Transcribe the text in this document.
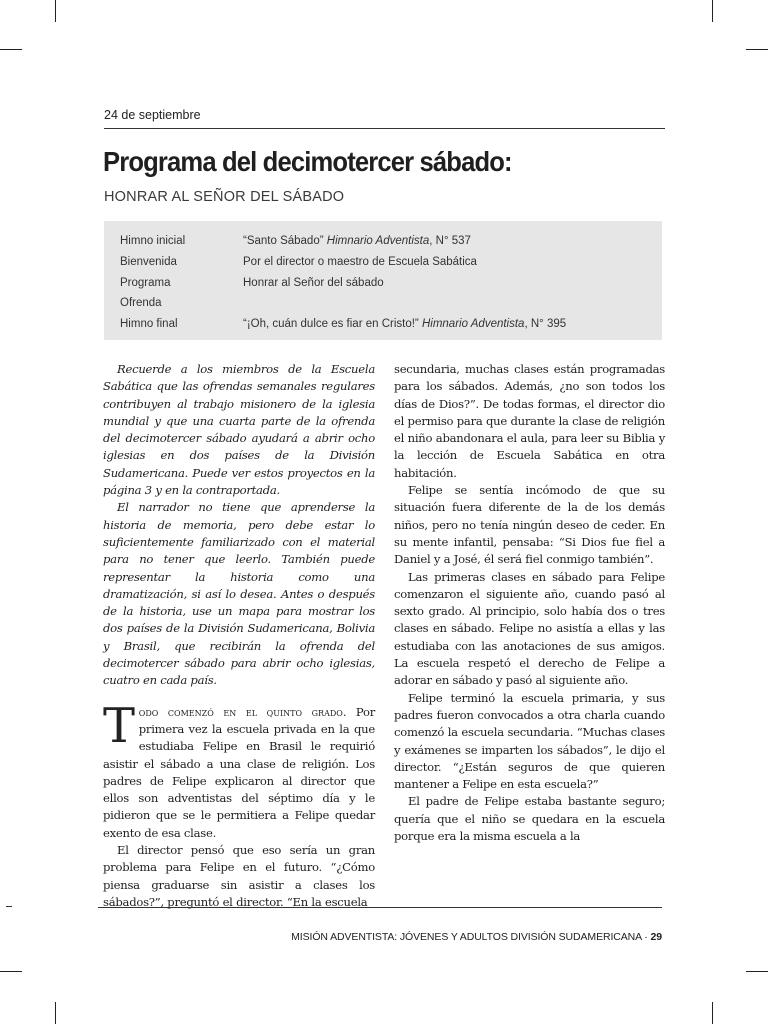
24 de septiembre
Programa del decimotercer sábado:
HONRAR AL SEÑOR DEL SÁBADO
Himno inicial	“Santo Sábado” Himnario Adventista, N° 537
Bienvenida	Por el director o maestro de Escuela Sabática
Programa	Honrar al Señor del sábado
Ofrenda
Himno final	“¡Oh, cuán dulce es fiar en Cristo!” Himnario Adventista, N° 395

Recuerde a los miembros de la Escuela Sabática que las ofrendas semanales regulares contribuyen al trabajo misionero de la iglesia mundial y que una cuarta parte de la ofrenda del decimotercer sábado ayudará a abrir ocho iglesias en dos países de la División Sudamericana. Puede ver estos proyectos en la página 3 y en la contraportada.

El narrador no tiene que aprenderse la historia de memoria, pero debe estar lo suficientemente familiarizado con el material para no tener que leerlo. También puede representar la historia como una dramatización, si así lo desea. Antes o después de la historia, use un mapa para mostrar los dos países de la División Sudamericana, Bolivia y Brasil, que recibirán la ofrenda del decimotercer sábado para abrir ocho iglesias, cuatro en cada país.

Todo comenzó en el quinto grado. Por primera vez la escuela privada en la que estudiaba Felipe en Brasil le requirió asistir el sábado a una clase de religión. Los padres de Felipe explicaron al director que ellos son adventistas del séptimo día y le pidieron que se le permitiera a Felipe quedar exento de esa clase.

El director pensó que eso sería un gran problema para Felipe en el futuro. “¿Cómo piensa graduarse sin asistir a clases los sábados?”, preguntó el director. “En la escuela

secundaria, muchas clases están programadas para los sábados. Además, ¿no son todos los días de Dios?”. De todas formas, el director dio el permiso para que durante la clase de religión el niño abandonara el aula, para leer su Biblia y la lección de Escuela Sabática en otra habitación.

Felipe se sentía incómodo de que su situación fuera diferente de la de los demás niños, pero no tenía ningún deseo de ceder. En su mente infantil, pensaba: “Si Dios fue fiel a Daniel y a José, él será fiel conmigo también”.

Las primeras clases en sábado para Felipe comenzaron el siguiente año, cuando pasó al sexto grado. Al principio, solo había dos o tres clases en sábado. Felipe no asistía a ellas y las estudiaba con las anotaciones de sus amigos. La escuela respetó el derecho de Felipe a adorar en sábado y pasó al siguiente año.

Felipe terminó la escuela primaria, y sus padres fueron convocados a otra charla cuando comenzó la escuela secundaria. “Muchas clases y exámenes se imparten los sábados”, le dijo el director. “¿Están seguros de que quieren mantener a Felipe en esta escuela?”

El padre de Felipe estaba bastante seguro; quería que el niño se quedara en la escuela porque era la misma escuela a la

MISIÓN ADVENTISTA: JÓVENES Y ADULTOS DIVISIÓN SUDAMERICANA · 29
